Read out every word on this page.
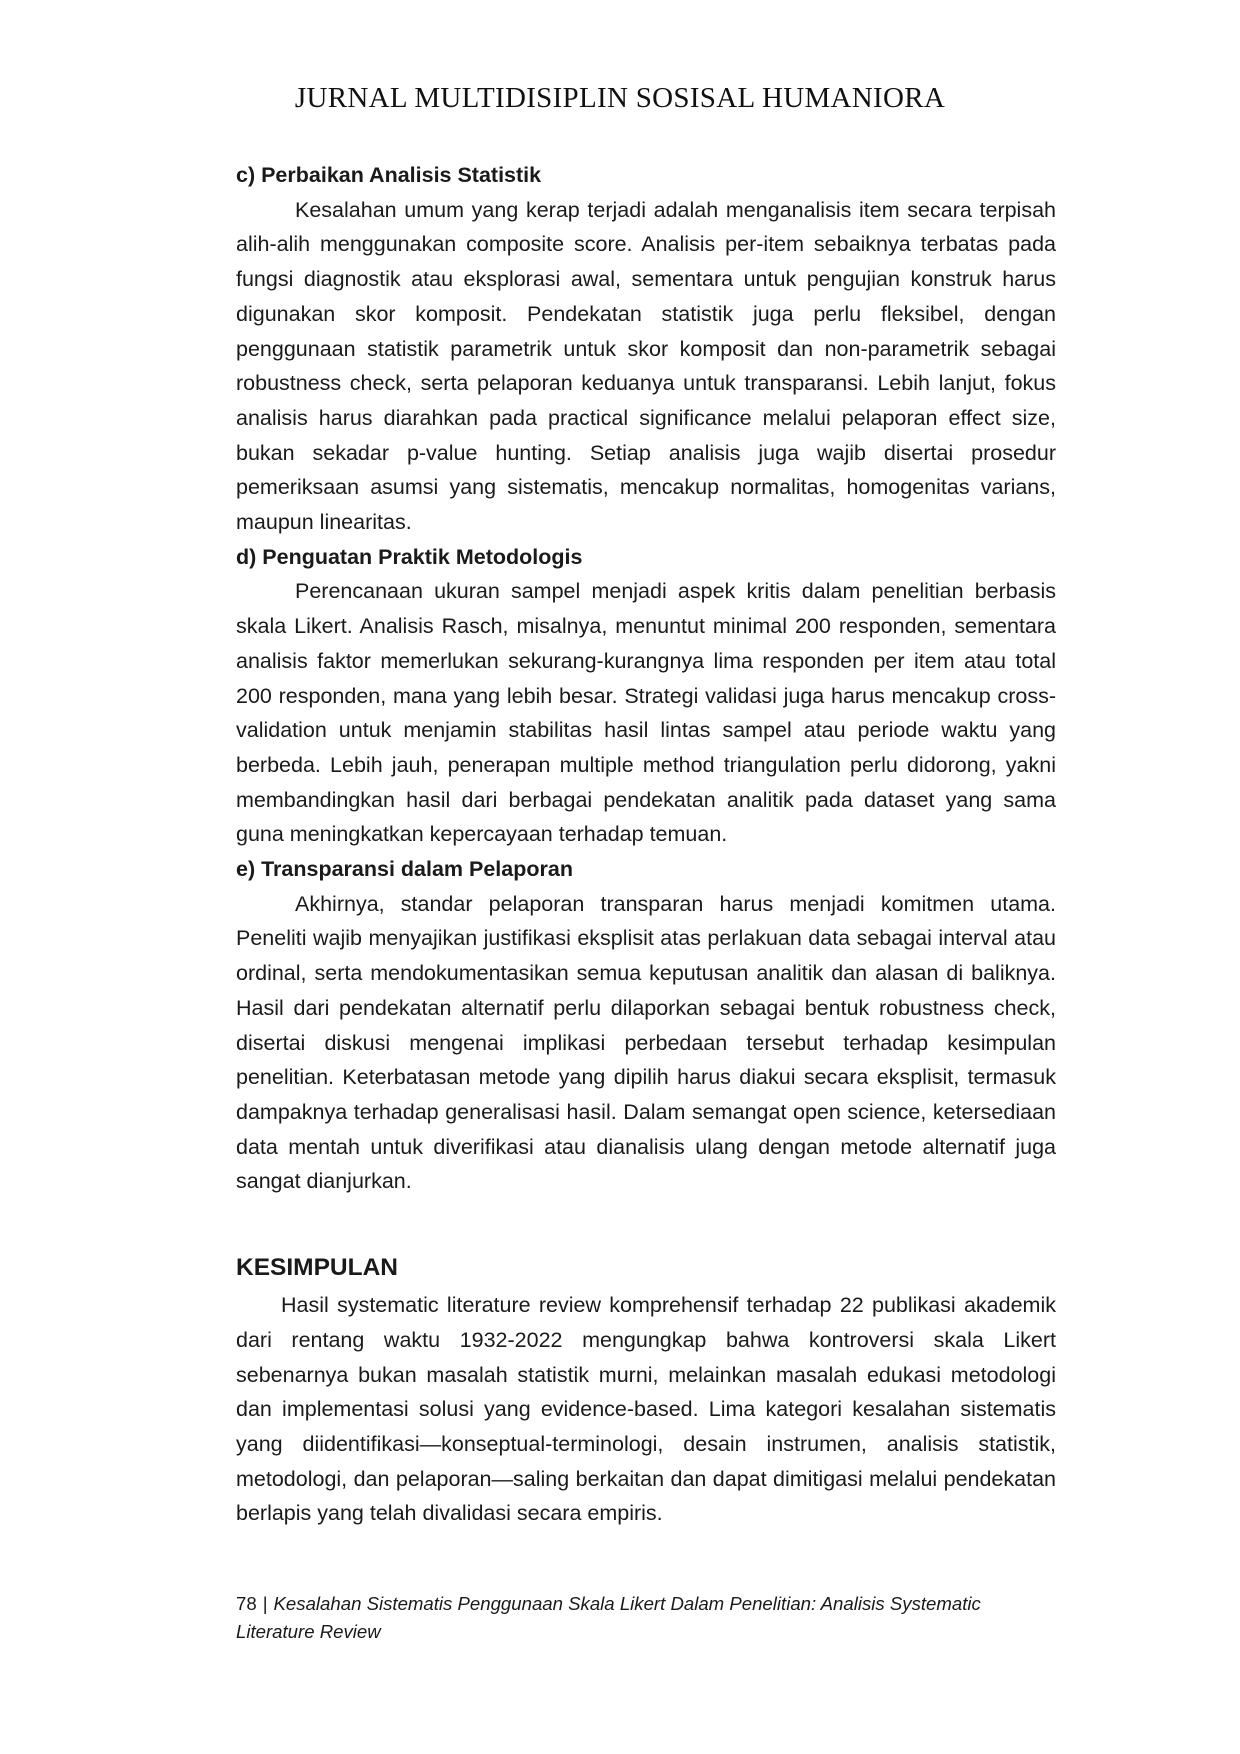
JURNAL MULTIDISIPLIN SOSISAL HUMANIORA

c) Perbaikan Analisis Statistik

Kesalahan umum yang kerap terjadi adalah menganalisis item secara terpisah alih-alih menggunakan composite score. Analisis per-item sebaiknya terbatas pada fungsi diagnostik atau eksplorasi awal, sementara untuk pengujian konstruk harus digunakan skor komposit. Pendekatan statistik juga perlu fleksibel, dengan penggunaan statistik parametrik untuk skor komposit dan non-parametrik sebagai robustness check, serta pelaporan keduanya untuk transparansi. Lebih lanjut, fokus analisis harus diarahkan pada practical significance melalui pelaporan effect size, bukan sekadar p-value hunting. Setiap analisis juga wajib disertai prosedur pemeriksaan asumsi yang sistematis, mencakup normalitas, homogenitas varians, maupun linearitas.

d) Penguatan Praktik Metodologis

Perencanaan ukuran sampel menjadi aspek kritis dalam penelitian berbasis skala Likert. Analisis Rasch, misalnya, menuntut minimal 200 responden, sementara analisis faktor memerlukan sekurang-kurangnya lima responden per item atau total 200 responden, mana yang lebih besar. Strategi validasi juga harus mencakup cross-validation untuk menjamin stabilitas hasil lintas sampel atau periode waktu yang berbeda. Lebih jauh, penerapan multiple method triangulation perlu didorong, yakni membandingkan hasil dari berbagai pendekatan analitik pada dataset yang sama guna meningkatkan kepercayaan terhadap temuan.

e) Transparansi dalam Pelaporan

Akhirnya, standar pelaporan transparan harus menjadi komitmen utama. Peneliti wajib menyajikan justifikasi eksplisit atas perlakuan data sebagai interval atau ordinal, serta mendokumentasikan semua keputusan analitik dan alasan di baliknya. Hasil dari pendekatan alternatif perlu dilaporkan sebagai bentuk robustness check, disertai diskusi mengenai implikasi perbedaan tersebut terhadap kesimpulan penelitian. Keterbatasan metode yang dipilih harus diakui secara eksplisit, termasuk dampaknya terhadap generalisasi hasil. Dalam semangat open science, ketersediaan data mentah untuk diverifikasi atau dianalisis ulang dengan metode alternatif juga sangat dianjurkan.

KESIMPULAN

Hasil systematic literature review komprehensif terhadap 22 publikasi akademik dari rentang waktu 1932-2022 mengungkap bahwa kontroversi skala Likert sebenarnya bukan masalah statistik murni, melainkan masalah edukasi metodologi dan implementasi solusi yang evidence-based. Lima kategori kesalahan sistematis yang diidentifikasi—konseptual-terminologi, desain instrumen, analisis statistik, metodologi, dan pelaporan—saling berkaitan dan dapat dimitigasi melalui pendekatan berlapis yang telah divalidasi secara empiris.

78 | Kesalahan Sistematis Penggunaan Skala Likert Dalam Penelitian: Analisis Systematic Literature Review
